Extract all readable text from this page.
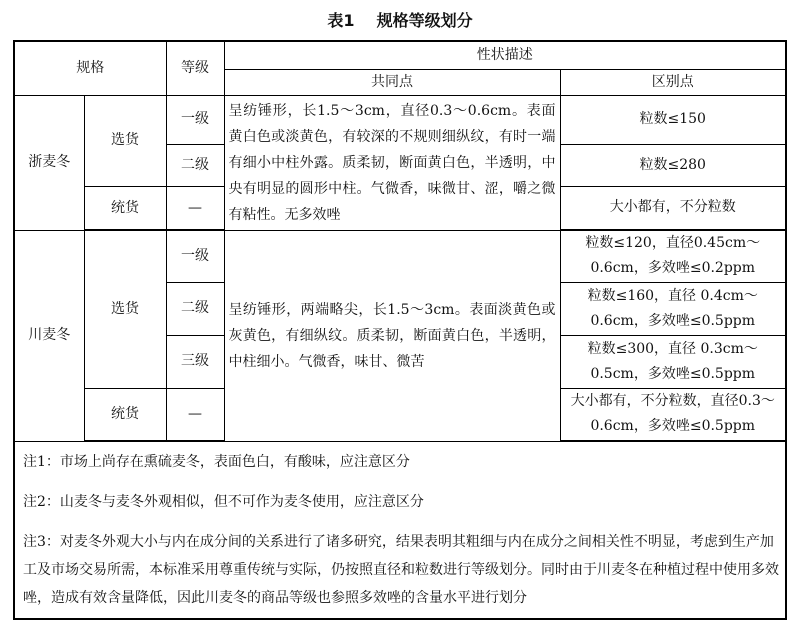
表1 规格等级划分
规格		等级	性状描述	
			共同点	区别点
浙麦冬	选货	一级	呈纺锤形，长1.5～3cm，直径0.3～0.6cm。表面黄白色或淡黄色，有较深的不规则细纵纹，有时一端有细小中柱外露。质柔韧，断面黄白色，半透明，中央有明显的圆形中柱。气微香，味微甘、涩，嚼之微有粘性。无多效唑	粒数≤150
		二级		粒数≤280
	统货	—		大小都有，不分粒数
川麦冬	选货	一级	呈纺锤形，两端略尖，长1.5～3cm。表面淡黄色或灰黄色，有细纵纹。质柔韧，断面黄白色，半透明，中柱细小。气微香，味甘、微苦	粒数≤120，直径0.45cm～0.6cm，多效唑≤0.2ppm
		二级		粒数≤160，直径 0.4cm～0.6cm，多效唑≤0.5ppm
		三级		粒数≤300，直径 0.3cm～0.5cm，多效唑≤0.5ppm
	统货	—		大小都有，不分粒数，直径0.3～0.6cm，多效唑≤0.5ppm

注1：市场上尚存在熏硫麦冬，表面色白，有酸味，应注意区分
注2：山麦冬与麦冬外观相似，但不可作为麦冬使用，应注意区分
注3：对麦冬外观大小与内在成分间的关系进行了诸多研究，结果表明其粗细与内在成分之间相关性不明显，考虑到生产加工及市场交易所需，本标准采用尊重传统与实际，仍按照直径和粒数进行等级划分。同时由于川麦冬在种植过程中使用多效唑，造成有效含量降低，因此川麦冬的商品等级也参照多效唑的含量水平进行划分				
